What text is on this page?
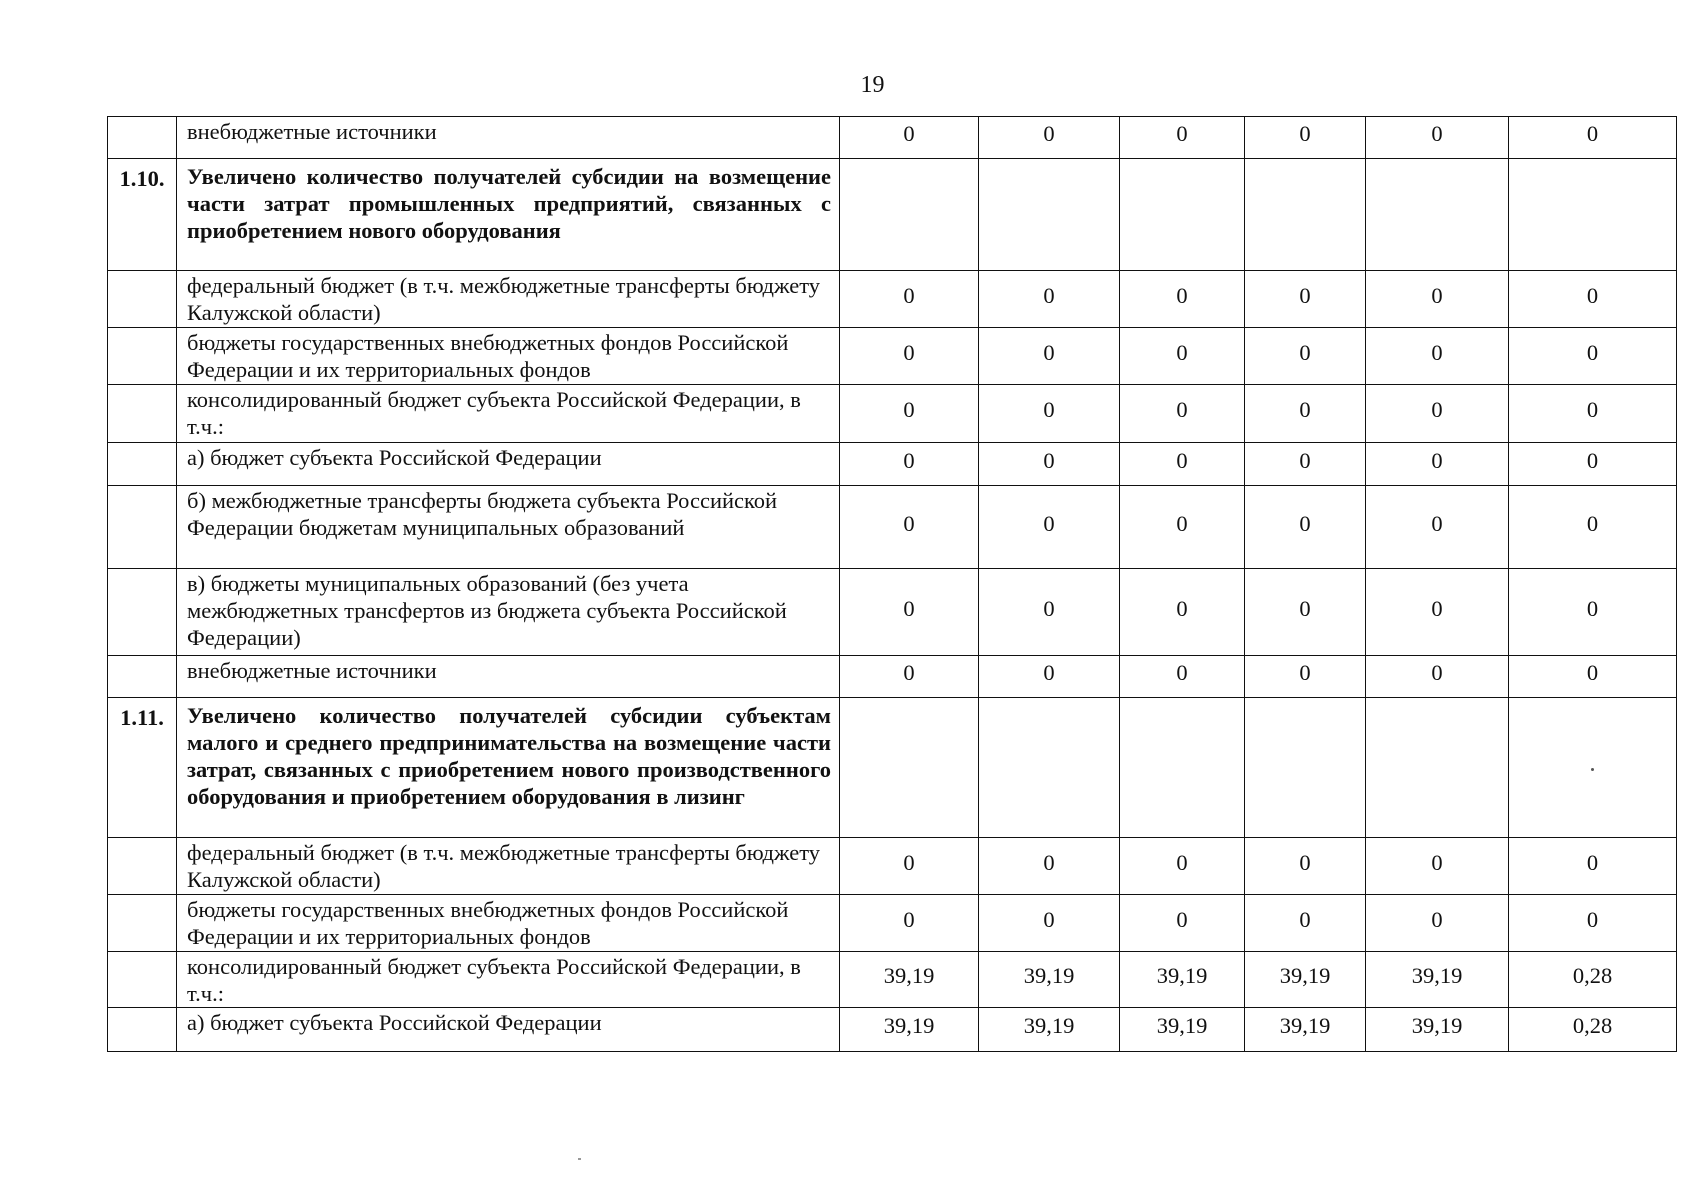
19
	внебюджетные источники	0	0	0	0	0	0
1.10.	Увеличено количество получателей субсидии на возмещение части затрат промышленных предприятий, связанных с приобретением нового оборудования						
	федеральный бюджет (в т.ч. межбюджетные трансферты бюджету Калужской области)	0	0	0	0	0	0
	бюджеты государственных внебюджетных фондов Российской Федерации и их территориальных фондов	0	0	0	0	0	0
	консолидированный бюджет субъекта Российской Федерации, в т.ч.:	0	0	0	0	0	0
	а) бюджет субъекта Российской Федерации	0	0	0	0	0	0
	б) межбюджетные трансферты бюджета субъекта Российской Федерации бюджетам муниципальных образований	0	0	0	0	0	0
	в) бюджеты муниципальных образований (без учета межбюджетных трансфертов из бюджета субъекта Российской Федерации)	0	0	0	0	0	0
	внебюджетные источники	0	0	0	0	0	0
1.11.	Увеличено количество получателей субсидии субъектам малого и среднего предпринимательства на возмещение части затрат, связанных с приобретением нового производственного оборудования и приобретением оборудования в лизинг						
	федеральный бюджет (в т.ч. межбюджетные трансферты бюджету Калужской области)	0	0	0	0	0	0
	бюджеты государственных внебюджетных фондов Российской Федерации и их территориальных фондов	0	0	0	0	0	0
	консолидированный бюджет субъекта Российской Федерации, в т.ч.:	39,19	39,19	39,19	39,19	39,19	0,28
	а) бюджет субъекта Российской Федерации	39,19	39,19	39,19	39,19	39,19	0,28
